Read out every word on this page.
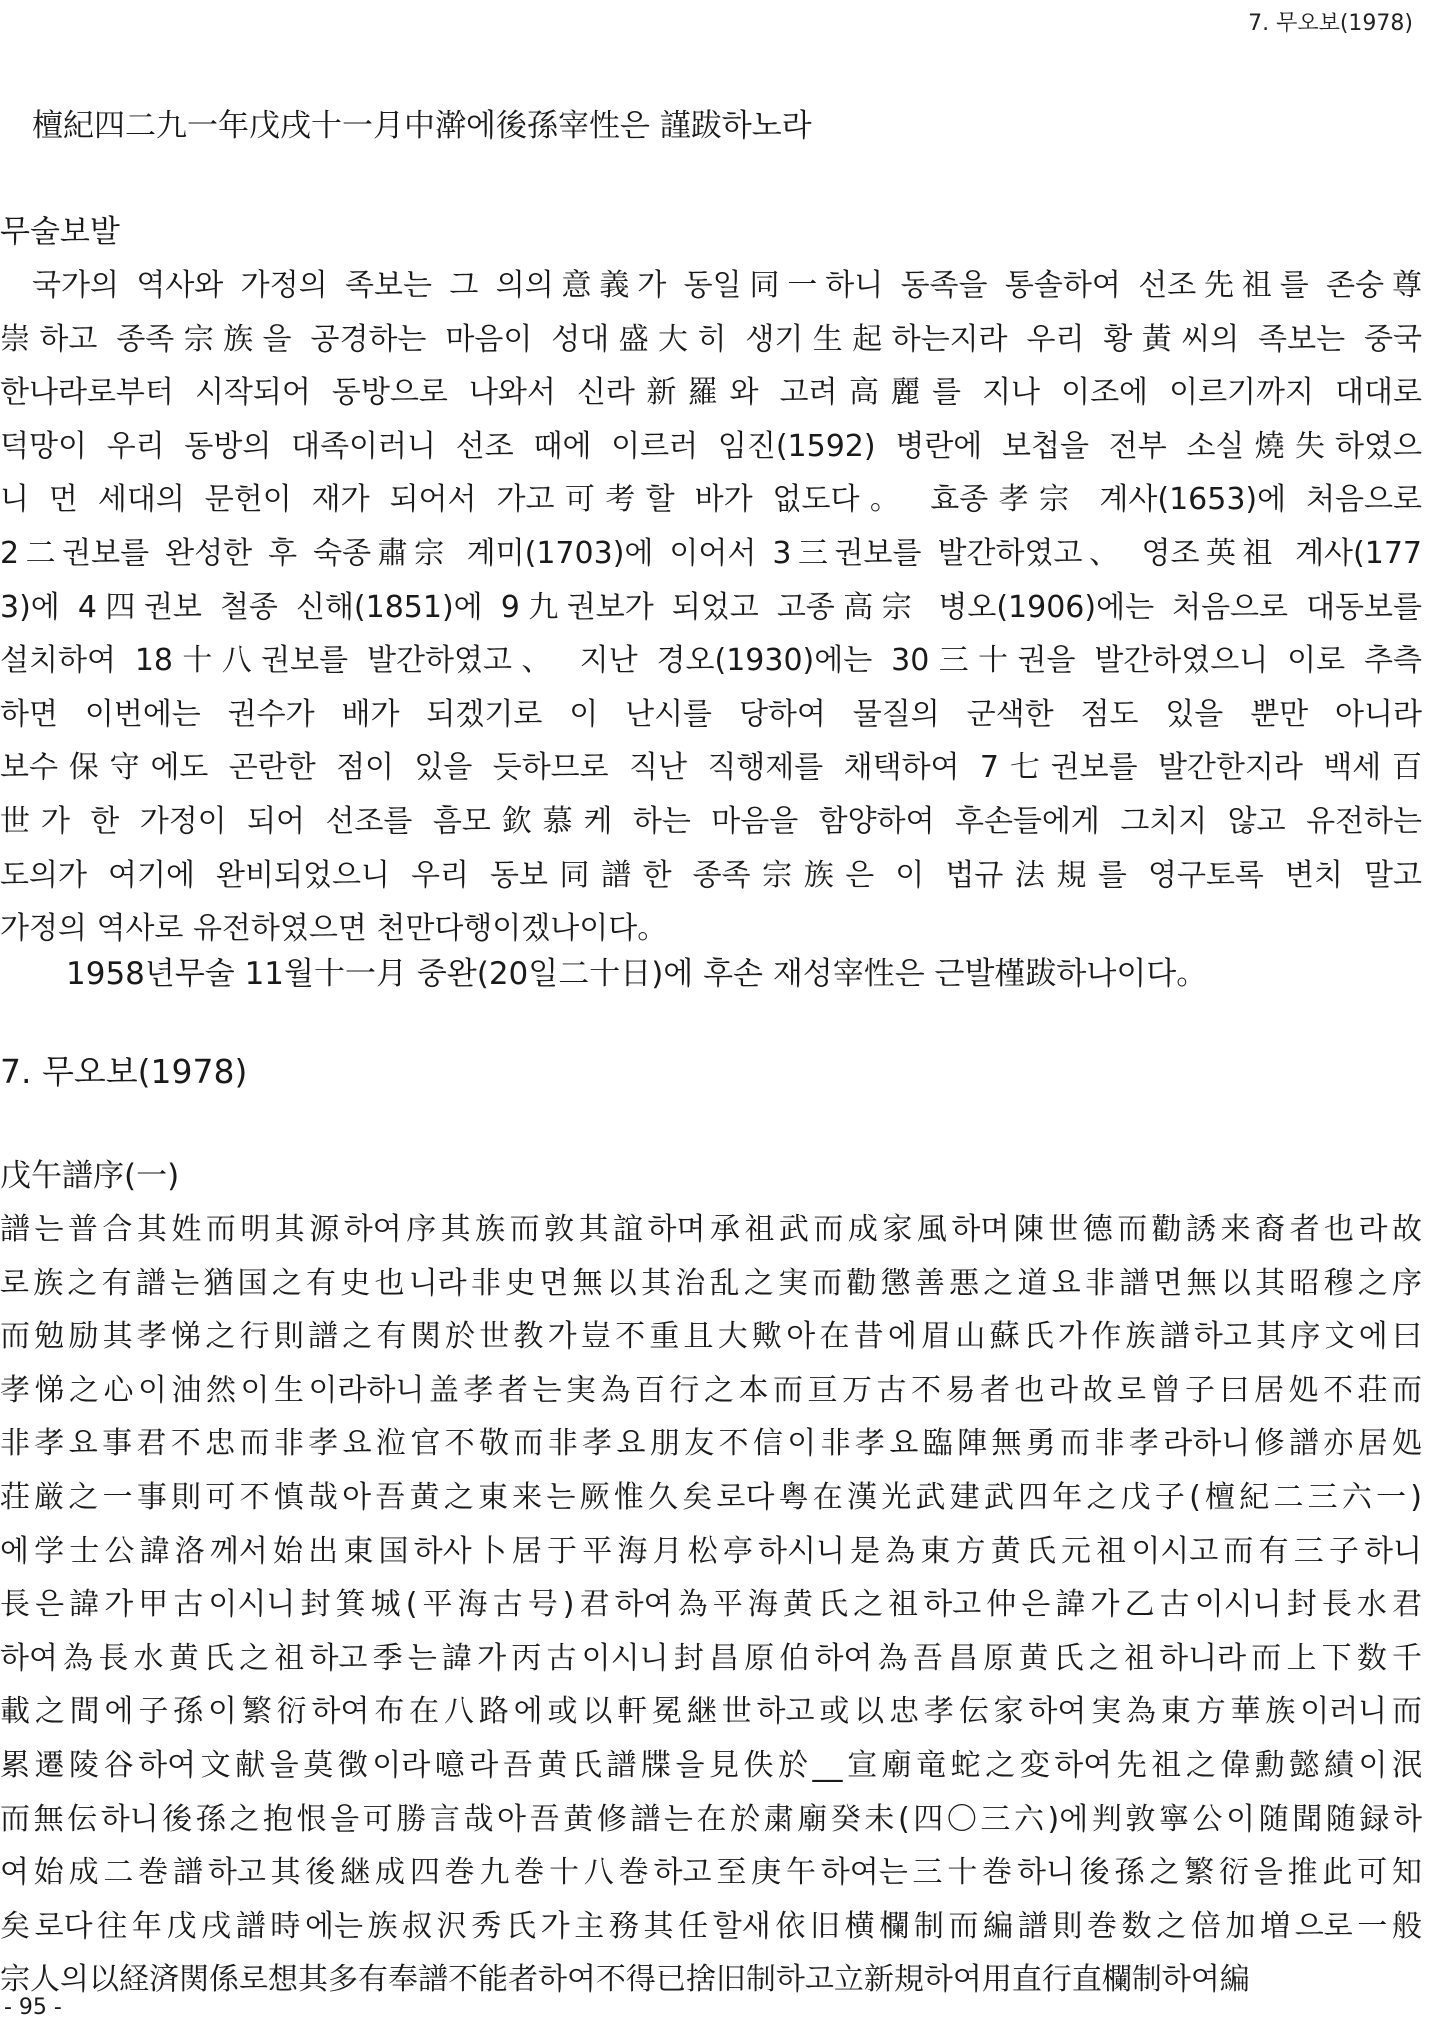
7. 무오보(1978)
檀紀四二九一年戊戌十一月中澣에後孫宰性은 謹跋하노라
무술보발
국가의 역사와 가정의 족보는 그 의의意義가 동일同一하니 동족을 통솔하여 선조先祖를 존숭尊
崇하고 종족宗族을 공경하는 마음이 성대盛大히 생기生起하는지라 우리 황黃씨의 족보는 중국
한나라로부터 시작되어 동방으로 나와서 신라新羅와 고려高麗를 지나 이조에 이르기까지 대대로
덕망이 우리 동방의 대족이러니 선조 때에 이르러 임진(1592) 병란에 보첩을 전부 소실燒失하였으
니 먼 세대의 문헌이 재가 되어서 가고可考할 바가 없도다。 효종孝宗 계사(1653)에 처음으로
2二권보를 완성한 후 숙종肅宗 계미(1703)에 이어서 3三권보를 발간하였고、 영조英祖 계사(177
3)에 4四권보 철종 신해(1851)에 9九권보가 되었고 고종高宗 병오(1906)에는 처음으로 대동보를
설치하여 18十八권보를 발간하였고、 지난 경오(1930)에는 30三十권을 발간하였으니 이로 추측
하면 이번에는 권수가 배가 되겠기로 이 난시를 당하여 물질의 군색한 점도 있을 뿐만 아니라
보수保守에도 곤란한 점이 있을 듯하므로 직난 직행제를 채택하여 7七권보를 발간한지라 백세百
世가 한 가정이 되어 선조를 흠모欽慕케 하는 마음을 함양하여 후손들에게 그치지 않고 유전하는
도의가 여기에 완비되었으니 우리 동보同譜한 종족宗族은 이 법규法規를 영구토록 변치 말고
가정의 역사로 유전하였으면 천만다행이겠나이다。
1958년무술 11월十一月 중완(20일二十日)에 후손 재성宰性은 근발槿跋하나이다。
7. 무오보(1978)
戊午譜序(一)
譜는普合其姓而明其源하여序其族而敦其誼하며承祖武而成家風하며陳世德而勸誘来裔者也라故
로族之有譜는猶国之有史也니라非史면無以其治乱之実而勸懲善悪之道요非譜면無以其昭穆之序
而勉励其孝悌之行則譜之有関於世教가豈不重且大歟아在昔에眉山蘇氏가作族譜하고其序文에曰
孝悌之心이油然이生이라하니盖孝者는実為百行之本而亘万古不易者也라故로曾子曰居処不荘而
非孝요事君不忠而非孝요涖官不敬而非孝요朋友不信이非孝요臨陣無勇而非孝라하니修譜亦居処
荘厳之一事則可不慎哉아吾黄之東来는厥惟久矣로다粤在漢光武建武四年之戊子(檀紀二三六一)
에学士公諱洛께서始出東国하사卜居于平海月松亭하시니是為東方黄氏元祖이시고而有三子하니
長은諱가甲古이시니封箕城(平海古号)君하여為平海黄氏之祖하고仲은諱가乙古이시니封長水君
하여為長水黄氏之祖하고季는諱가丙古이시니封昌原伯하여為吾昌原黄氏之祖하니라而上下数千
載之間에子孫이繁衍하여布在八路에或以軒冕継世하고或以忠孝伝家하여実為東方華族이러니而
累遷陵谷하여文献을莫徴이라噫라吾黄氏譜牒을見佚於__宣廟竜蛇之変하여先祖之偉勳懿績이泯
而無伝하니後孫之抱恨을可勝言哉아吾黄修譜는在於粛廟癸未(四〇三六)에判敦寧公이随聞随録하
여始成二巻譜하고其後継成四巻九巻十八巻하고至庚午하여는三十巻하니後孫之繁衍을推此可知
矣로다往年戊戌譜時에는族叔沢秀氏가主務其任할새依旧横欄制而編譜則巻数之倍加増으로一般
宗人의以経済関係로想其多有奉譜不能者하여不得已捨旧制하고立新規하여用直行直欄制하여編
- 95 -
